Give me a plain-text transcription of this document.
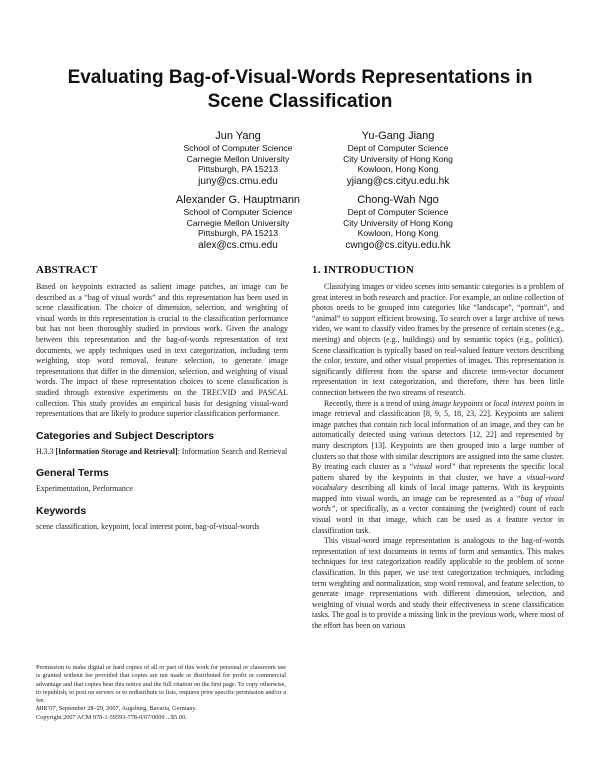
Evaluating Bag-of-Visual-Words Representations in Scene Classification
Jun Yang
School of Computer Science
Carnegie Mellon University
Pittsburgh, PA 15213
juny@cs.cmu.edu
Yu-Gang Jiang
Dept of Computer Science
City University of Hong Kong
Kowloon, Hong Kong
yjiang@cs.cityu.edu.hk
Alexander G. Hauptmann
School of Computer Science
Carnegie Mellon University
Pittsburgh, PA 15213
alex@cs.cmu.edu
Chong-Wah Ngo
Dept of Computer Science
City University of Hong Kong
Kowloon, Hong Kong
cwngo@cs.cityu.edu.hk
ABSTRACT

Based on keypoints extracted as salient image patches, an image can be described as a “bag of visual words” and this representation has been used in scene classification. The choice of dimension, selection, and weighting of visual words in this representation is crucial to the classification performance but has not been thoroughly studied in previous work. Given the analogy between this representation and the bag-of-words representation of text documents, we apply techniques used in text categorization, including term weighting, stop word removal, feature selection, to generate image representations that differ in the dimension, selection, and weighting of visual words. The impact of these representation choices to scene classification is studied through extensive experiments on the TRECVID and PASCAL collection. This study provides an empirical basis for designing visual-word representations that are likely to produce superior classification performance.

Categories and Subject Descriptors

H.3.3 [Information Storage and Retrieval]: Information Search and Retrieval

General Terms

Experimentation, Performance

Keywords

scene classification, keypoint, local interest point, bag-of-visual-words

Permission to make digital or hard copies of all or part of this work for personal or classroom use is granted without fee provided that copies are not made or distributed for profit or commercial advantage and that copies bear this notice and the full citation on the first page. To copy otherwise, to republish, to post on servers or to redistribute to lists, requires prior specific permission and/or a fee.

MIR’07, September 28–29, 2007, Augsburg, Bavaria, Germany.

Copyright 2007 ACM 978-1-59593-778-0/07/0009 ...$5.00.

1. INTRODUCTION

Classifying images or video scenes into semantic categories is a problem of great interest in both research and practice. For example, an online collection of photos needs to be grouped into categories like “landscape”, “portrait”, and “animal” to support efficient browsing. To search over a large archive of news video, we want to classify video frames by the presence of certain scenes (e.g., meeting) and objects (e.g., buildings) and by semantic topics (e.g., politics). Scene classification is typically based on real-valued feature vectors describing the color, texture, and other visual properties of images. This representation is significantly different from the sparse and discrete term-vector document representation in text categorization, and therefore, there has been little connection between the two streams of research.

Recently, there is a trend of using image keypoints or local interest points in image retrieval and classification [8, 9, 5, 18, 23, 22]. Keypoints are salient image patches that contain rich local information of an image, and they can be automatically detected using various detectors [12, 22] and represented by many descriptors [13]. Keypoints are then grouped into a large number of clusters so that those with similar descriptors are assigned into the same cluster. By treating each cluster as a “visual word” that represents the specific local pattern shared by the keypoints in that cluster, we have a visual-word vocabulary describing all kinds of local image patterns. With its keypoints mapped into visual words, an image can be represented as a “bag of visual words”, or specifically, as a vector containing the (weighted) count of each visual word in that image, which can be used as a feature vector in classification task.

This visual-word image representation is analogous to the bag-of-words representation of text documents in terms of form and semantics. This makes techniques for text categorization readily applicable to the problem of scene classification. In this paper, we use text categorization techniques, including term weighting and normalization, stop word removal, and feature selection, to generate image representations with different dimension, selection, and weighting of visual words and study their effectiveness in scene classification tasks. The goal is to provide a missing link in the previous work, where most of the effort has been on various
